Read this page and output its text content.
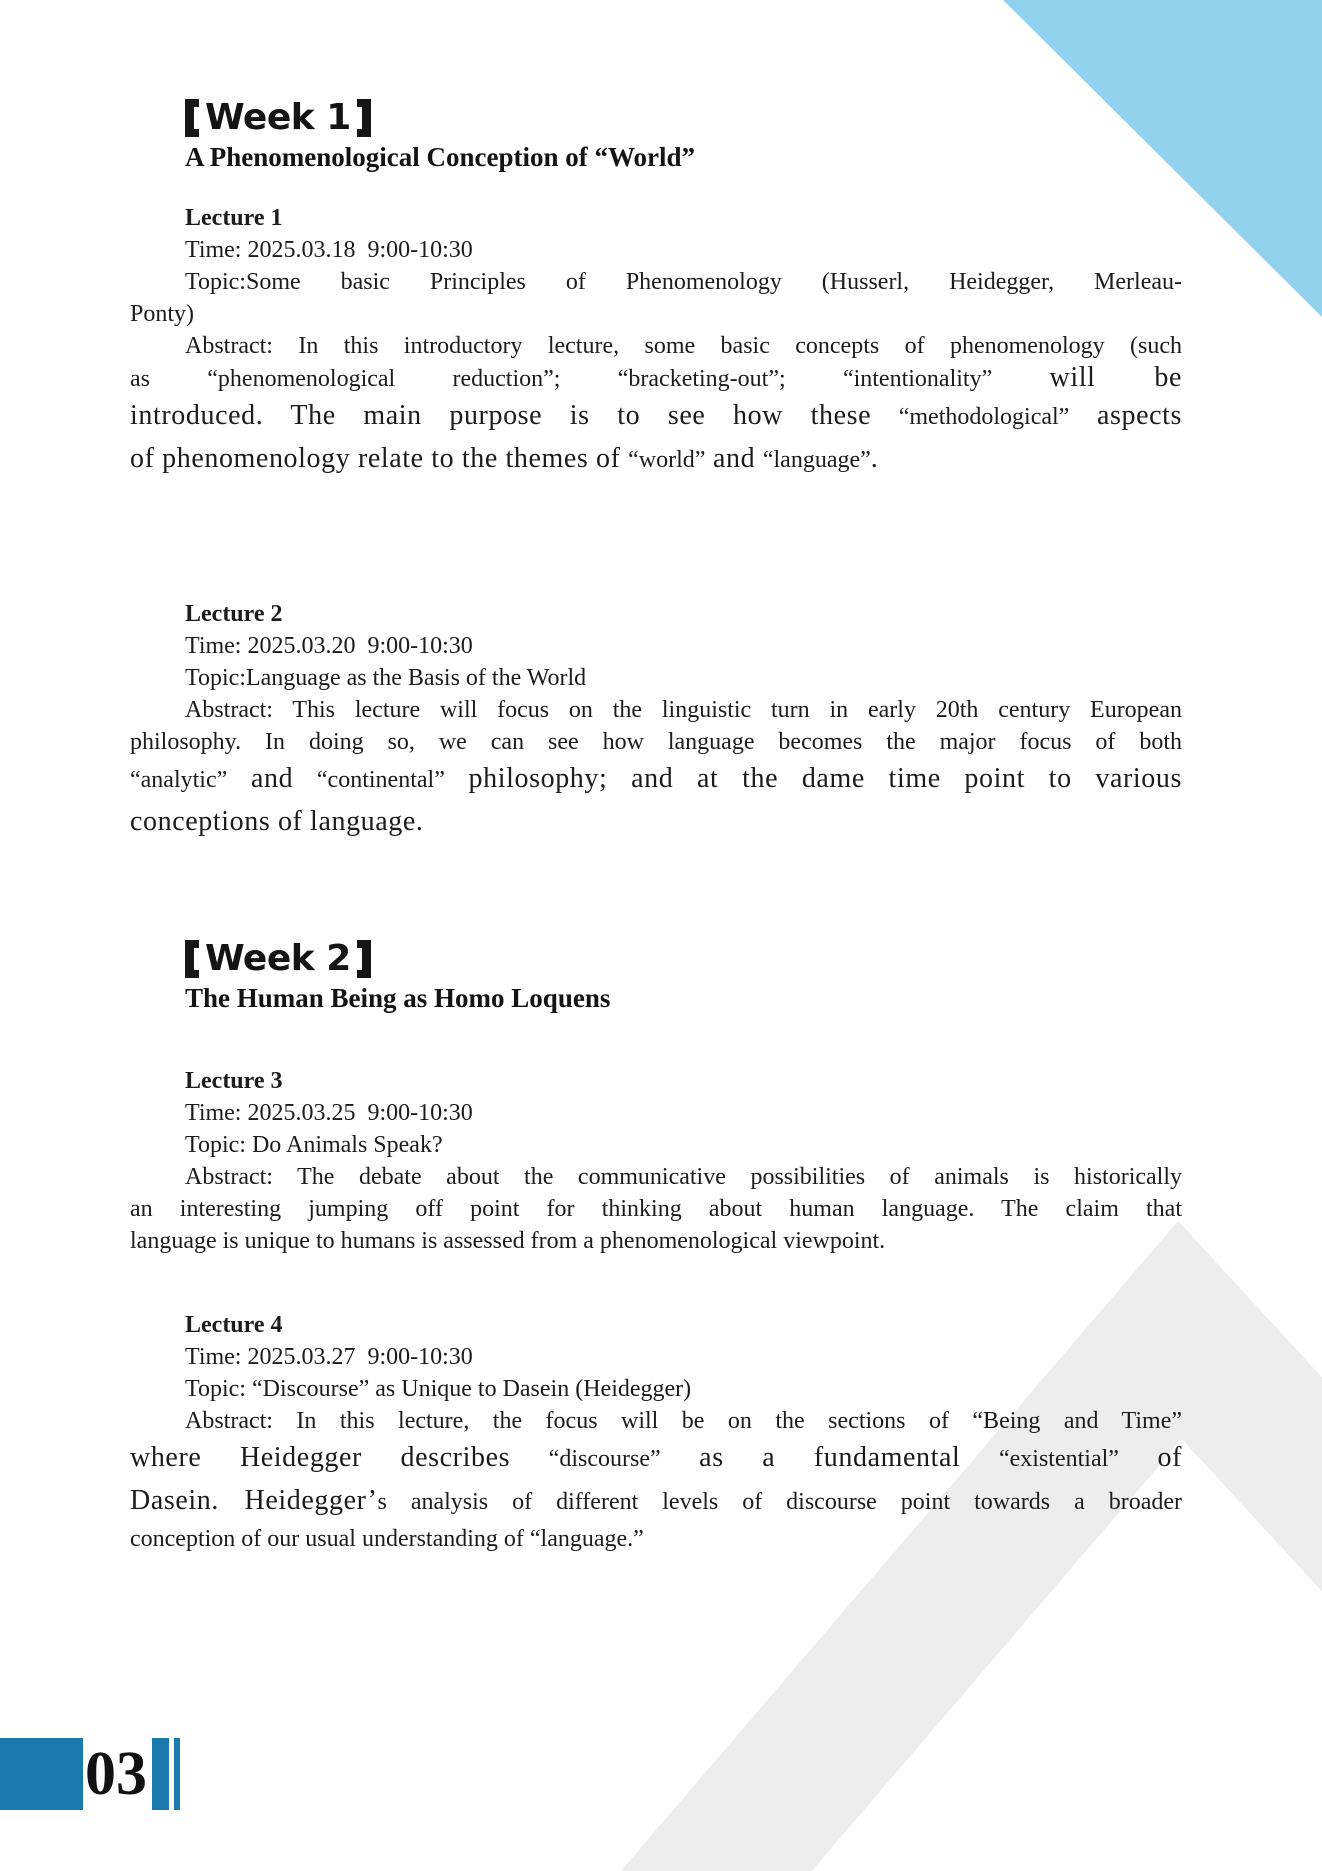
Week 1
A Phenomenological Conception of “World”
Lecture 1
Time: 2025.03.18  9:00-10:30
Topic:Some basic Principles of Phenomenology (Husserl, Heidegger, Merleau-
Ponty)
Abstract: In this introductory lecture, some basic concepts of phenomenology (such
as “phenomenological reduction”; “bracketing-out”; “intentionality” will be
introduced. The main purpose is to see how these “methodological” aspects
of phenomenology relate to the themes of “world” and “language”.
Lecture 2
Time: 2025.03.20  9:00-10:30
Topic:Language as the Basis of the World
Abstract: This lecture will focus on the linguistic turn in early 20th century European
philosophy. In doing so, we can see how language becomes the major focus of both
“analytic” and “continental” philosophy; and at the dame time point to various
conceptions of language.
Week 2
The Human Being as Homo Loquens
Lecture 3
Time: 2025.03.25  9:00-10:30
Topic: Do Animals Speak?
Abstract: The debate about the communicative possibilities of animals is historically
an interesting jumping off point for thinking about human language. The claim that
language is unique to humans is assessed from a phenomenological viewpoint.
Lecture 4
Time: 2025.03.27  9:00-10:30
Topic: “Discourse” as Unique to Dasein (Heidegger)
Abstract: In this lecture, the focus will be on the sections of “Being and Time”
where Heidegger describes “discourse” as a fundamental “existential” of
Dasein. Heidegger’s analysis of different levels of discourse point towards a broader
conception of our usual understanding of “language.”
03
